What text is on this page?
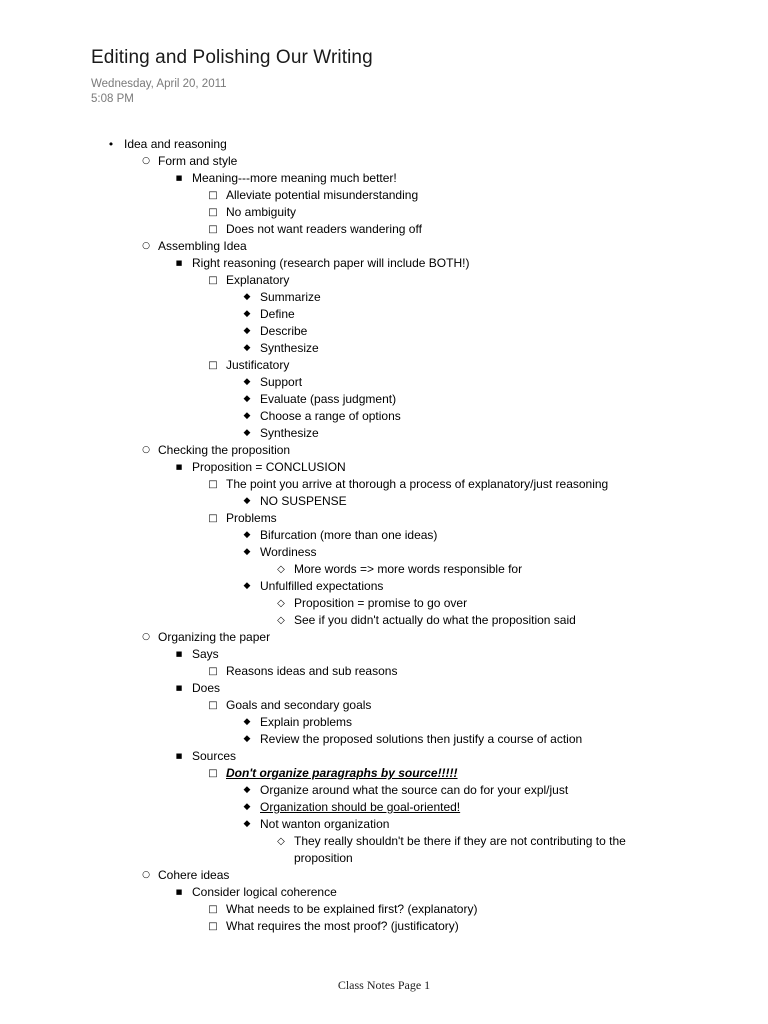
Editing and Polishing Our Writing
Wednesday, April 20, 2011
5:08 PM
• Idea and reasoning
○ Form and style
■ Meaning---more meaning much better!
□ Alleviate potential misunderstanding
□ No ambiguity
□ Does not want readers wandering off
○ Assembling Idea
■ Right reasoning (research paper will include BOTH!)
□ Explanatory
◆ Summarize
◆ Define
◆ Describe
◆ Synthesize
□ Justificatory
◆ Support
◆ Evaluate (pass judgment)
◆ Choose a range of options
◆ Synthesize
○ Checking the proposition
■ Proposition = CONCLUSION
□ The point you arrive at thorough a process of explanatory/just reasoning
◆ NO SUSPENSE
□ Problems
◆ Bifurcation (more than one ideas)
◆ Wordiness
◇ More words => more words responsible for
◆ Unfulfilled expectations
◇ Proposition = promise to go over
◇ See if you didn't actually do what the proposition said
○ Organizing the paper
■ Says
□ Reasons ideas and sub reasons
■ Does
□ Goals and secondary goals
◆ Explain problems
◆ Review the proposed solutions then justify a course of action
■ Sources
□ Don't organize paragraphs by source!!!!!
◆ Organize around what the source can do for your expl/just
◆ Organization should be goal-oriented!
◆ Not wanton organization
◇ They really shouldn't be there if they are not contributing to the proposition
○ Cohere ideas
■ Consider logical coherence
□ What needs to be explained first? (explanatory)
□ What requires the most proof? (justificatory)
Class Notes Page 1
